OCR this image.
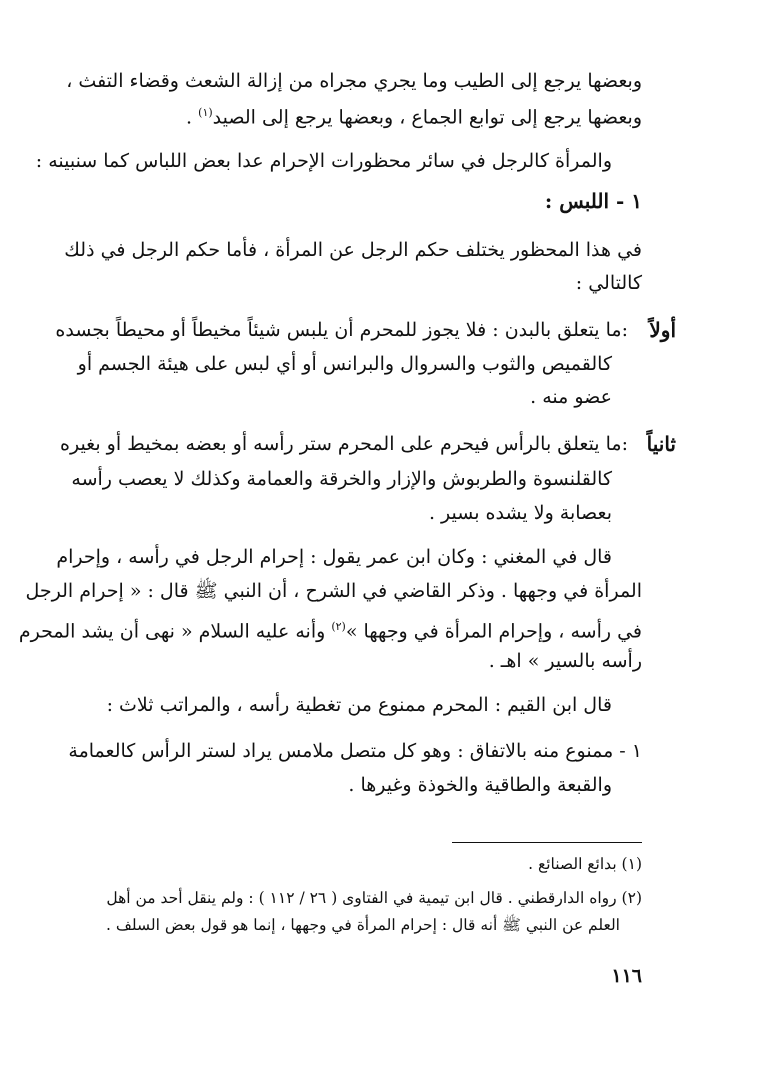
وبعضها يرجع إلى الطيب وما يجري مجراه من إزالة الشعث وقضاء التفث ،
وبعضها يرجع إلى توابع الجماع ، وبعضها يرجع إلى الصيد$^{(١)}$ .
والمرأة كالرجل في سائر محظورات الإحرام عدا بعض اللباس كما سنبينه :
١ - اللبس :
في هذا المحظور يختلف حكم الرجل عن المرأة ، فأما حكم الرجل في ذلك
كالتالي :
أولاً
:ما يتعلق بالبدن : فلا يجوز للمحرم أن يلبس شيئاً مخيطاً أو محيطاً بجسده
كالقميص والثوب والسروال والبرانس أو أي لبس على هيئة الجسم أو
عضو منه .
ثانياً
:ما يتعلق بالرأس فيحرم على المحرم ستر رأسه أو بعضه بمخيط أو بغيره
كالقلنسوة والطربوش والإزار والخرقة والعمامة وكذلك لا يعصب رأسه
بعصابة ولا يشده بسير .
قال في المغني : وكان ابن عمر يقول : إحرام الرجل في رأسه ، وإحرام
المرأة في وجهها . وذكر القاضي في الشرح ، أن النبي ﷺ قال : « إحرام الرجل
في رأسه ، وإحرام المرأة في وجهها »$^{(٢)}$ وأنه عليه السلام « نهى أن يشد المحرم
رأسه بالسير » اهـ .
قال ابن القيم : المحرم ممنوع من تغطية رأسه ، والمراتب ثلاث :
١ - ممنوع منه بالاتفاق : وهو كل متصل ملامس يراد لستر الرأس كالعمامة
والقبعة والطاقية والخوذة وغيرها .
(١) بدائع الصنائع .
(٢) رواه الدارقطني . قال ابن تيمية في الفتاوى ( ٢٦ / ١١٢ ) : ولم ينقل أحد من أهل
العلم عن النبي ﷺ أنه قال : إحرام المرأة في وجهها ، إنما هو قول بعض السلف .
١١٦
